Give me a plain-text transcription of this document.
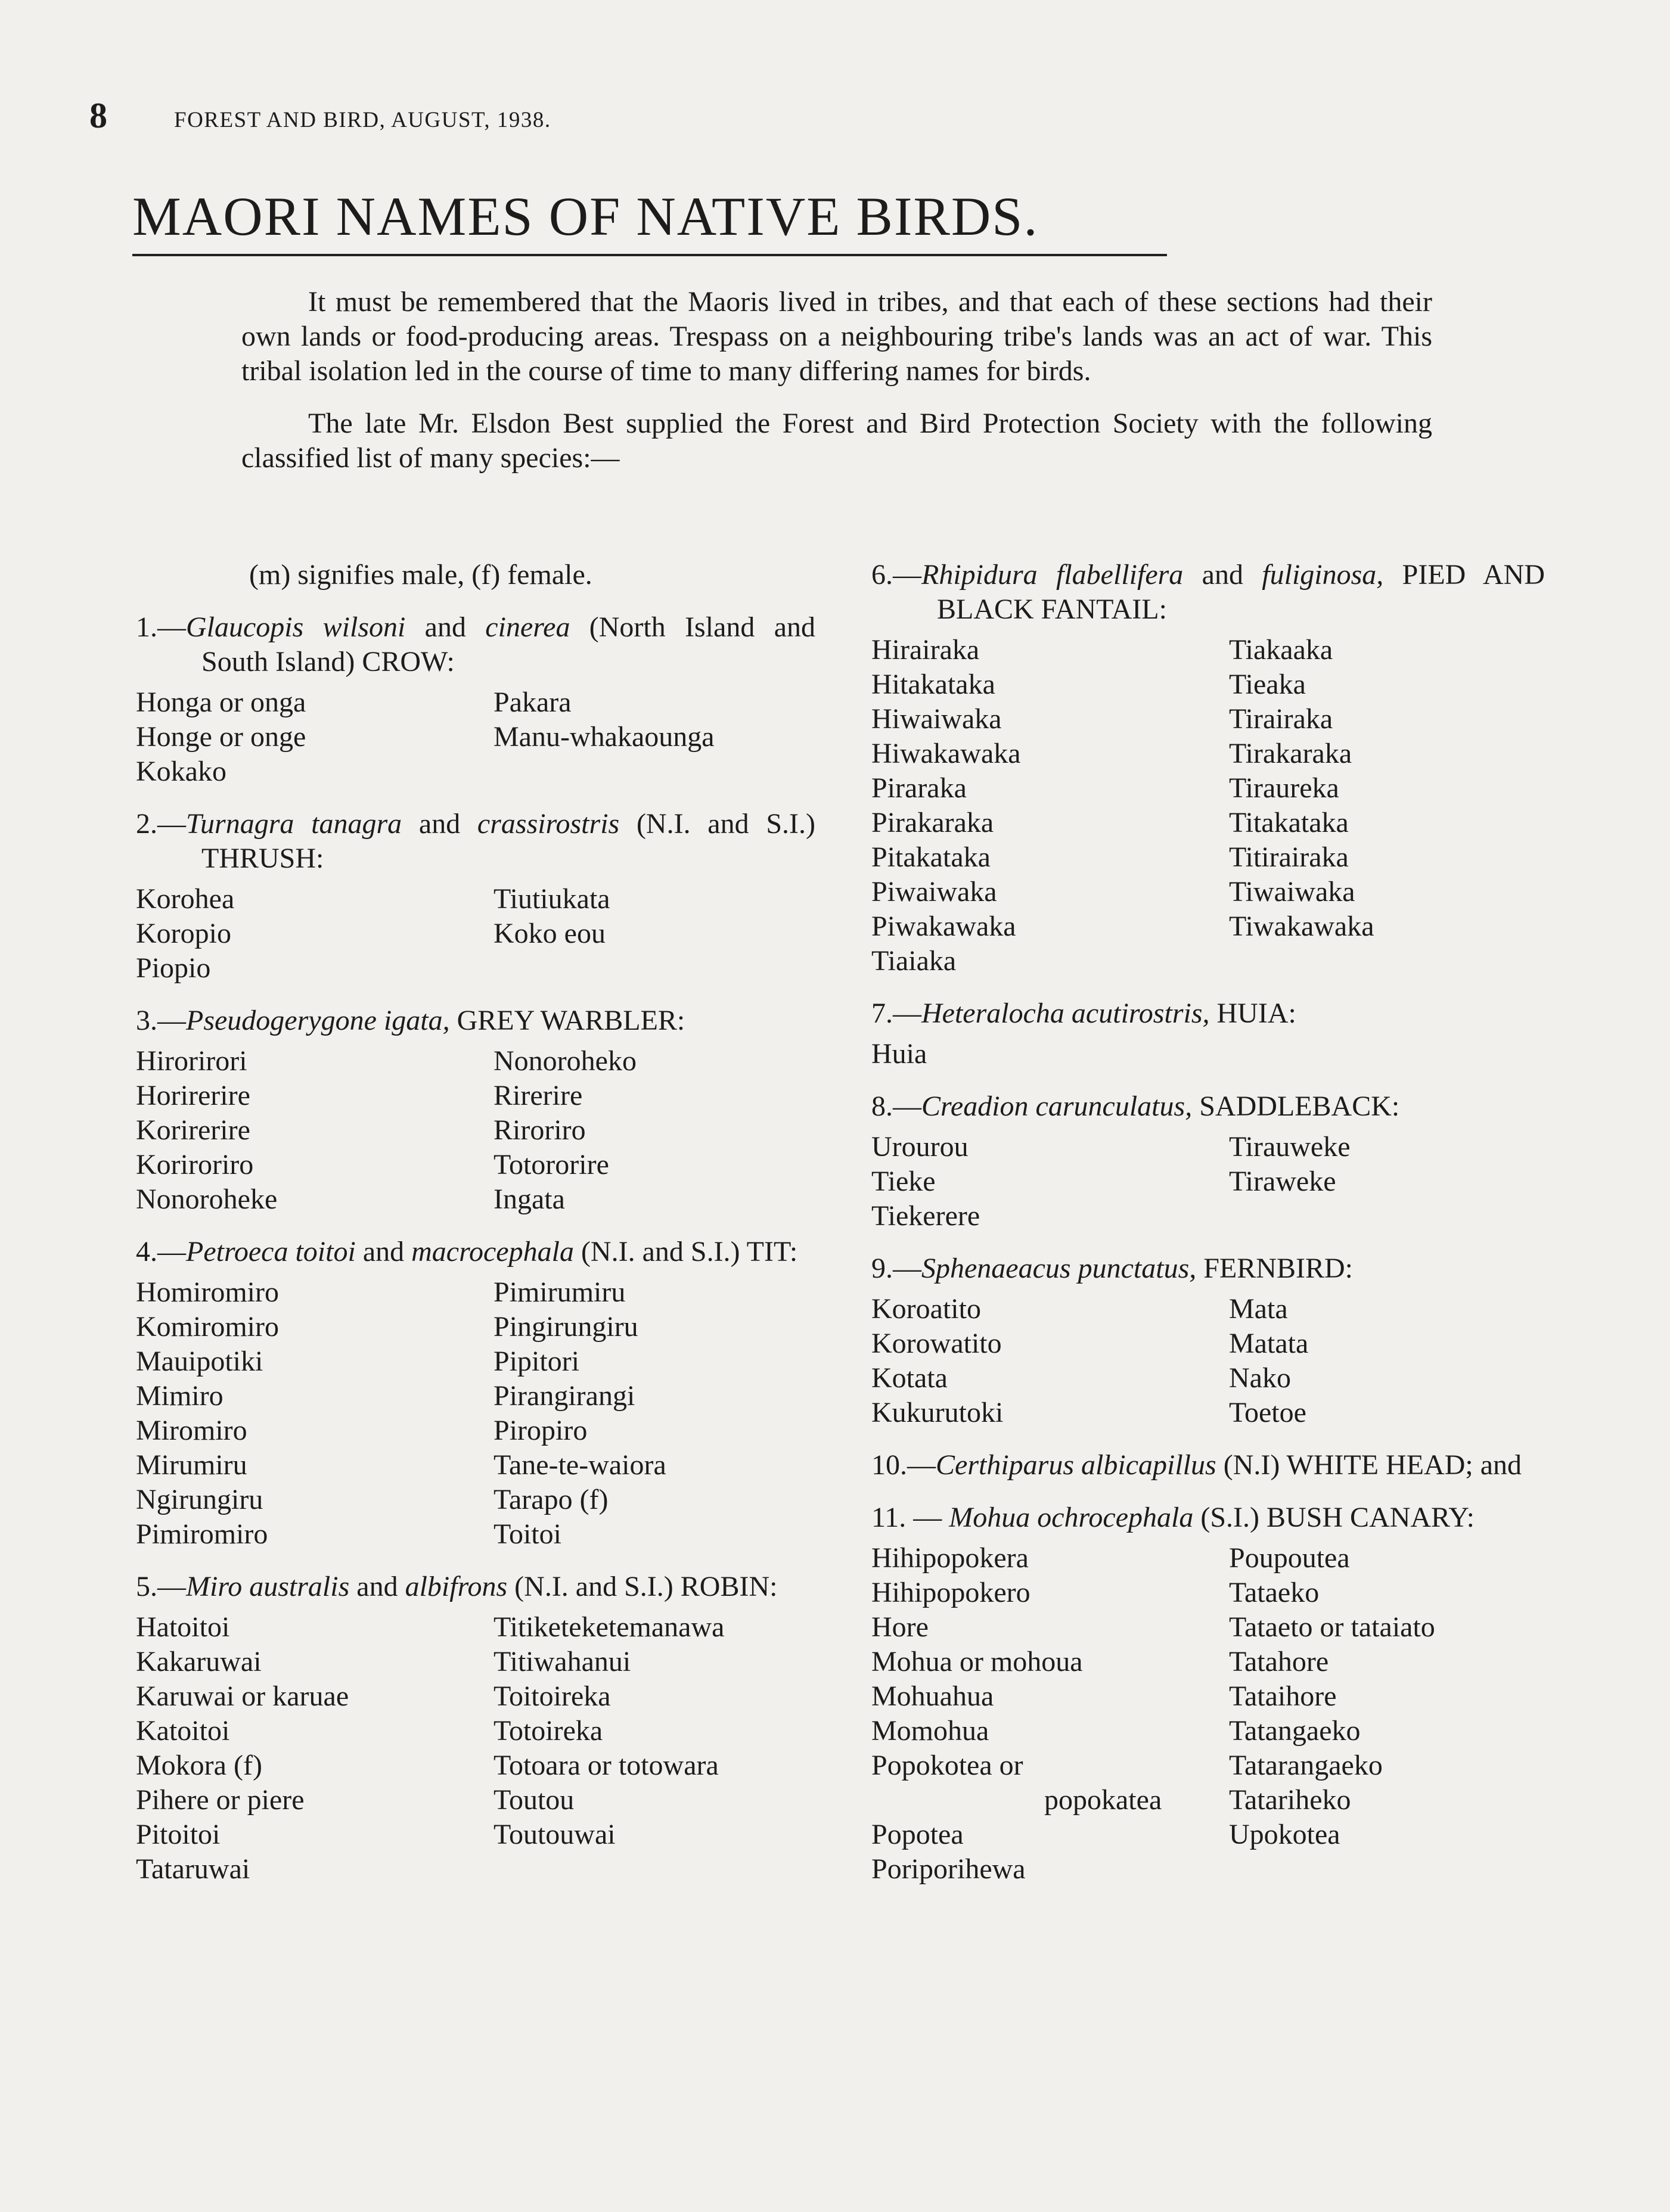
8	FOREST AND BIRD, AUGUST, 1938.
MAORI NAMES OF NATIVE BIRDS.

It must be remembered that the Maoris lived in tribes, and that each of these sections had their own lands or food-producing areas. Trespass on a neighbouring tribe's lands was an act of war. This tribal isolation led in the course of time to many differing names for birds.

The late Mr. Elsdon Best supplied the Forest and Bird Protection Society with the following classified list of many species:—

(m) signifies male, (f) female.

1.—Glaucopis wilsoni and cinerea (North Island and South Island) CROW:

Honga or onga	Pakara
Honge or onge	Manu-whakaounga
Kokako

2.—Turnagra tanagra and crassirostris (N.I. and S.I.) THRUSH:

Korohea	Tiutiukata
Koropio	Koko eou
Piopio

3.—Pseudogerygone igata, GREY WARBLER:

Hirorirori	Nonoroheko
Horirerire	Rirerire
Korirerire	Riroriro
Koriroriro	Totororire
Nonoroheke	Ingata

4.—Petroeca toitoi and macrocephala (N.I. and S.I.) TIT:

Homiromiro	Pimirumiru
Komiromiro	Pingirungiru
Mauipotiki	Pipitori
Mimiro	Pirangirangi
Miromiro	Piropiro
Mirumiru	Tane-te-waiora
Ngirungiru	Tarapo (f)
Pimiromiro	Toitoi

5.—Miro australis and albifrons (N.I. and S.I.) ROBIN:

Hatoitoi	Titiketeketemanawa
Kakaruwai	Titiwahanui
Karuwai or karuae	Toitoireka
Katoitoi	Totoireka
Mokora (f)	Totoara or totowara
Pihere or piere	Toutou
Pitoitoi	Toutouwai
Tataruwai

6.—Rhipidura flabellifera and fuliginosa, PIED AND BLACK FANTAIL:

Hirairaka	Tiakaaka
Hitakataka	Tieaka
Hiwaiwaka	Tirairaka
Hiwakawaka	Tirakaraka
Piraraka	Tiraureka
Pirakaraka	Titakataka
Pitakataka	Titirairaka
Piwaiwaka	Tiwaiwaka
Piwakawaka	Tiwakawaka
Tiaiaka

7.—Heteralocha acutirostris, HUIA:

Huia

8.—Creadion carunculatus, SADDLEBACK:

Urourou	Tirauweke
Tieke	Tiraweke
Tiekerere

9.—Sphenaeacus punctatus, FERNBIRD:

Koroatito	Mata
Korowatito	Matata
Kotata	Nako
Kukurutoki	Toetoe

10.—Certhiparus albicapillus (N.I) WHITE HEAD; and

11. — Mohua ochrocephala (S.I.) BUSH CANARY:

Hihipopokera	Poupoutea
Hihipopokero	Tataeko
Hore	Tataeto or tataiato
Mohua or mohoua	Tatahore
Mohuahua	Tataihore
Momohua	Tatangaeko
Popokotea or	Tatarangaeko
popokatea	Tatariheko
Popotea	Upokotea
Poriporihewa
